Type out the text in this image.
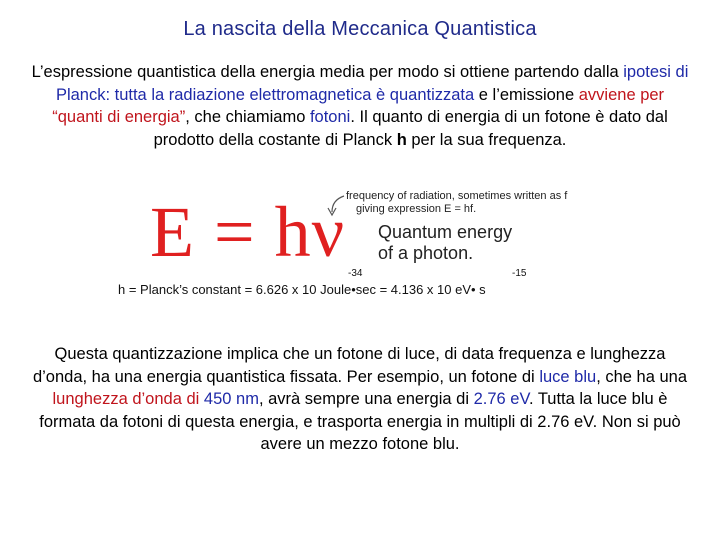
La nascita della Meccanica Quantistica
L’espressione quantistica della energia media per modo si ottiene partendo dalla ipotesi di Planck: tutta la radiazione elettromagnetica è quantizzata e l’emissione avviene per “quanti di energia”, che chiamiamo fotoni. Il quanto di energia di un fotone è dato dal prodotto della costante di Planck h per la sua frequenza.
E = hν frequency of radiation, sometimes written as f
giving expression E = hf.
Quantum energy
of a photon.
h = Planck’s constant = 6.626 x 10 Joule•sec = 4.136 x 10 eV• s
-34	-15
Questa quantizzazione implica che un fotone di luce, di data frequenza e lunghezza d’onda, ha una energia quantistica fissata. Per esempio, un fotone di luce blu, che ha una lunghezza d’onda di 450 nm, avrà sempre una energia di 2.76 eV. Tutta la luce blu è formata da fotoni di questa energia, e trasporta energia in multipli di 2.76 eV. Non si può avere un mezzo fotone blu.
